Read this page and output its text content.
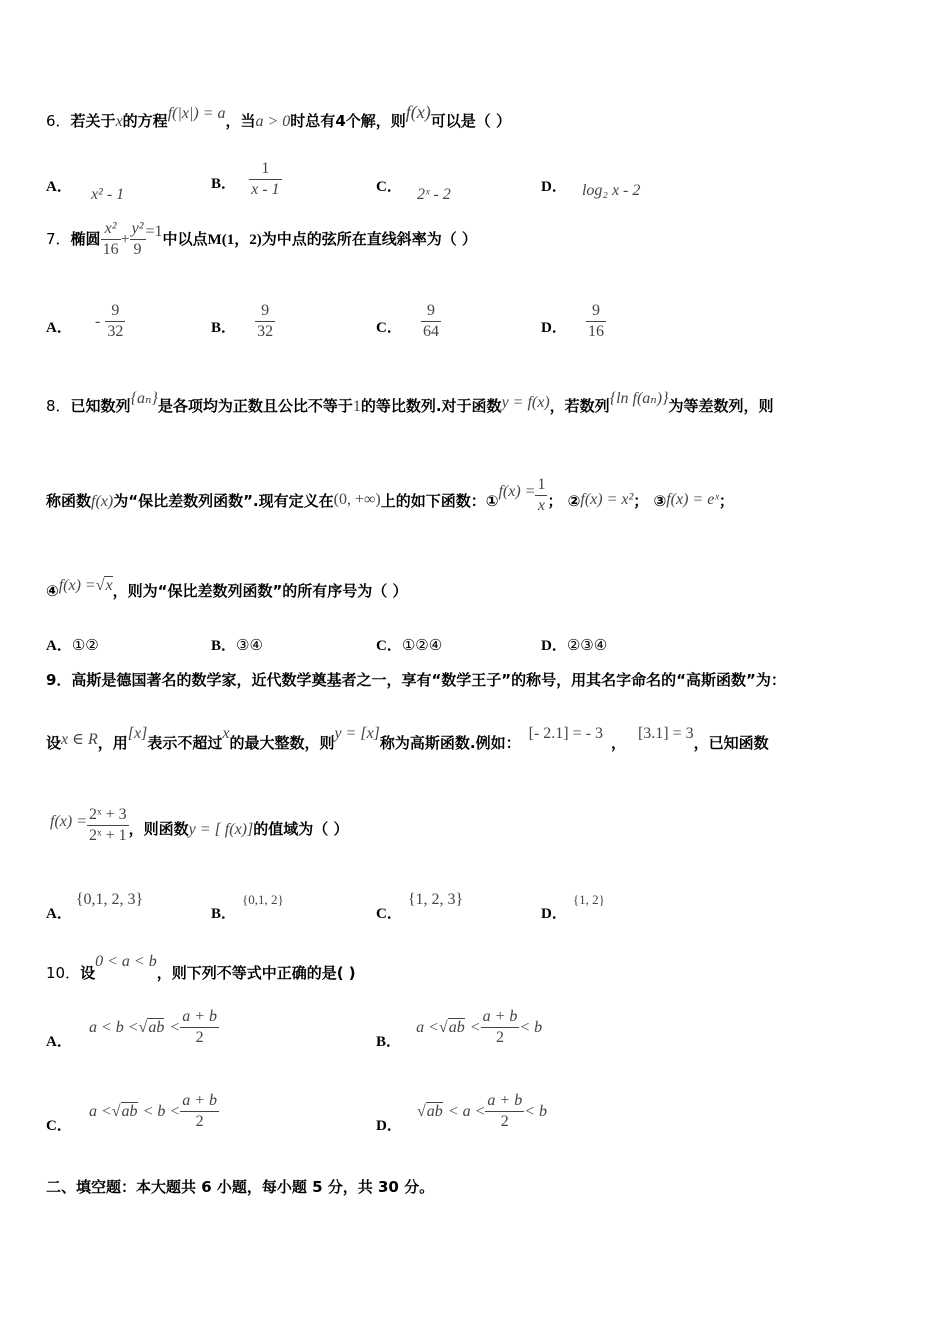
6．若关于x的方程f(|x|) = a，当a > 0时总有4个解，则f(x)可以是（ ）
A． x² - 1
B． $\frac{1}{x - 1}$	C． 2ˣ - 2	D． log₂ x - 2
7．椭圆 $\frac{\text{x²}}{16} + \frac{\text{y²}}{9} =1$中以点M(1，2)为中点的弦所在直线斜率为（ ）
A． - $\frac{9}{32}$	B． $\frac{9}{32}$	C． $\frac{9}{64}$	D． $\frac{9}{16}$
8．已知数列{aₙ}是各项均为正数且公比不等于1的等比数列.对于函数y = f(x)，若数列{ln f(aₙ)}为等差数列，则
称函数f(x)为“保比差数列函数”.现有定义在(0, +∞)上的如下函数：①f(x) = $\frac{1}{x}$ ； ②f(x) = x²； ③f(x) = eˣ；
④f(x) =√x，则为“保比差数列函数”的所有序号为（ ）
A．①②	B．③④	C．①②④	D．②③④
9．高斯是德国著名的数学家，近代数学奠基者之一，享有“数学王子”的称号，用其名字命名的“高斯函数”为：
设x ∈ R，用[x]表示不超过x的最大整数，则y = [x]称为高斯函数.例如：[- 2.1] = - 3，[3.1] = 3，已知函数
$f(x) = \frac{\text{2ˣ + 3}}{\text{2ˣ + 1}}$ ，则函数y = [ f(x)]的值域为（ ）
A．{0,1, 2, 3}
B．{0,1, 2}
C．{1, 2, 3}
D．{1, 2}
10．设0 < a < b，则下列不等式中正确的是( )
A． $a < b <√ab < \frac{a + b}{2}$	B． $a <√ab < \frac{a + b}{2} < b$
C． $a <√ab < b < \frac{a + b}{2}$	D． $√ab < a < \frac{a + b}{2} < b$
二、填空题：本大题共 6 小题，每小题 5 分，共 30 分。
